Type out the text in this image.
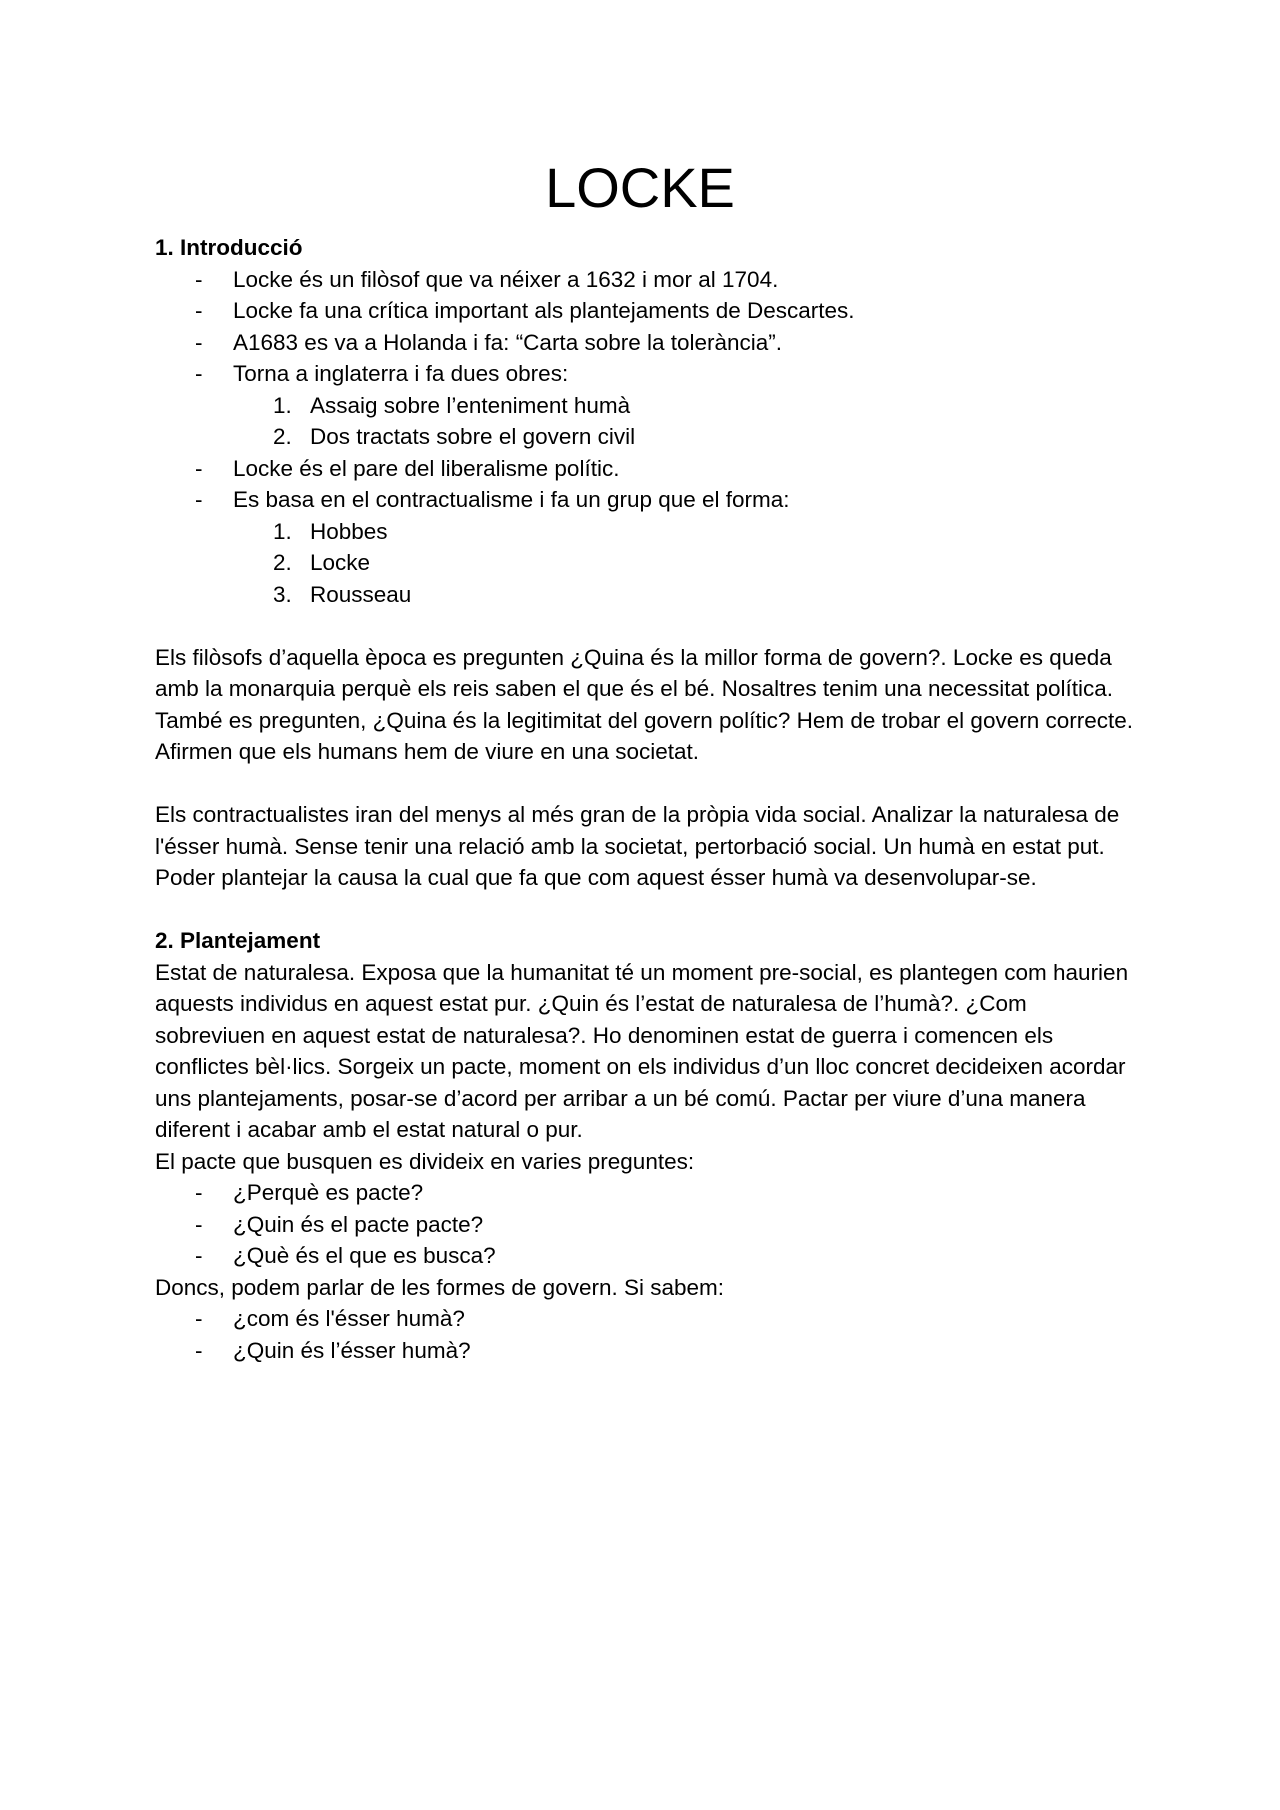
LOCKE

1. Introducció

- Locke és un filòsof que va néixer a 1632 i mor al 1704.
- Locke fa una crítica important als plantejaments de Descartes.
- A1683 es va a Holanda i fa: “Carta sobre la tolerància”.
- Torna a inglaterra i fa dues obres:
1. Assaig sobre l’enteniment humà
2. Dos tractats sobre el govern civil
- Locke és el pare del liberalisme polític.
- Es basa en el contractualisme i fa un grup que el forma:
1. Hobbes
2. Locke
3. Rousseau

Els filòsofs d’aquella època es pregunten ¿Quina és la millor forma de govern?. Locke es queda amb la monarquia perquè els reis saben el que és el bé. Nosaltres tenim una necessitat política. També es pregunten, ¿Quina és la legitimitat del govern polític? Hem de trobar el govern correcte. Afirmen que els humans hem de viure en una societat.

Els contractualistes iran del menys al més gran de la pròpia vida social. Analizar la naturalesa de l'ésser humà. Sense tenir una relació amb la societat, pertorbació social. Un humà en estat put. Poder plantejar la causa la cual que fa que com aquest ésser humà va desenvolupar-se.

2. Plantejament

Estat de naturalesa. Exposa que la humanitat té un moment pre-social, es plantegen com haurien aquests individus en aquest estat pur. ¿Quin és l’estat de naturalesa de l’humà?. ¿Com sobreviuen en aquest estat de naturalesa?. Ho denominen estat de guerra i comencen els conflictes bèl·lics. Sorgeix un pacte, moment on els individus d’un lloc concret decideixen acordar uns plantejaments, posar-se d’acord per arribar a un bé comú. Pactar per viure d’una manera diferent i acabar amb el estat natural o pur.

El pacte que busquen es divideix en varies preguntes:

- ¿Perquè es pacte?
- ¿Quin és el pacte pacte?
- ¿Què és el que es busca?

Doncs, podem parlar de les formes de govern. Si sabem:

- ¿com és l'ésser humà?
- ¿Quin és l’ésser humà?
